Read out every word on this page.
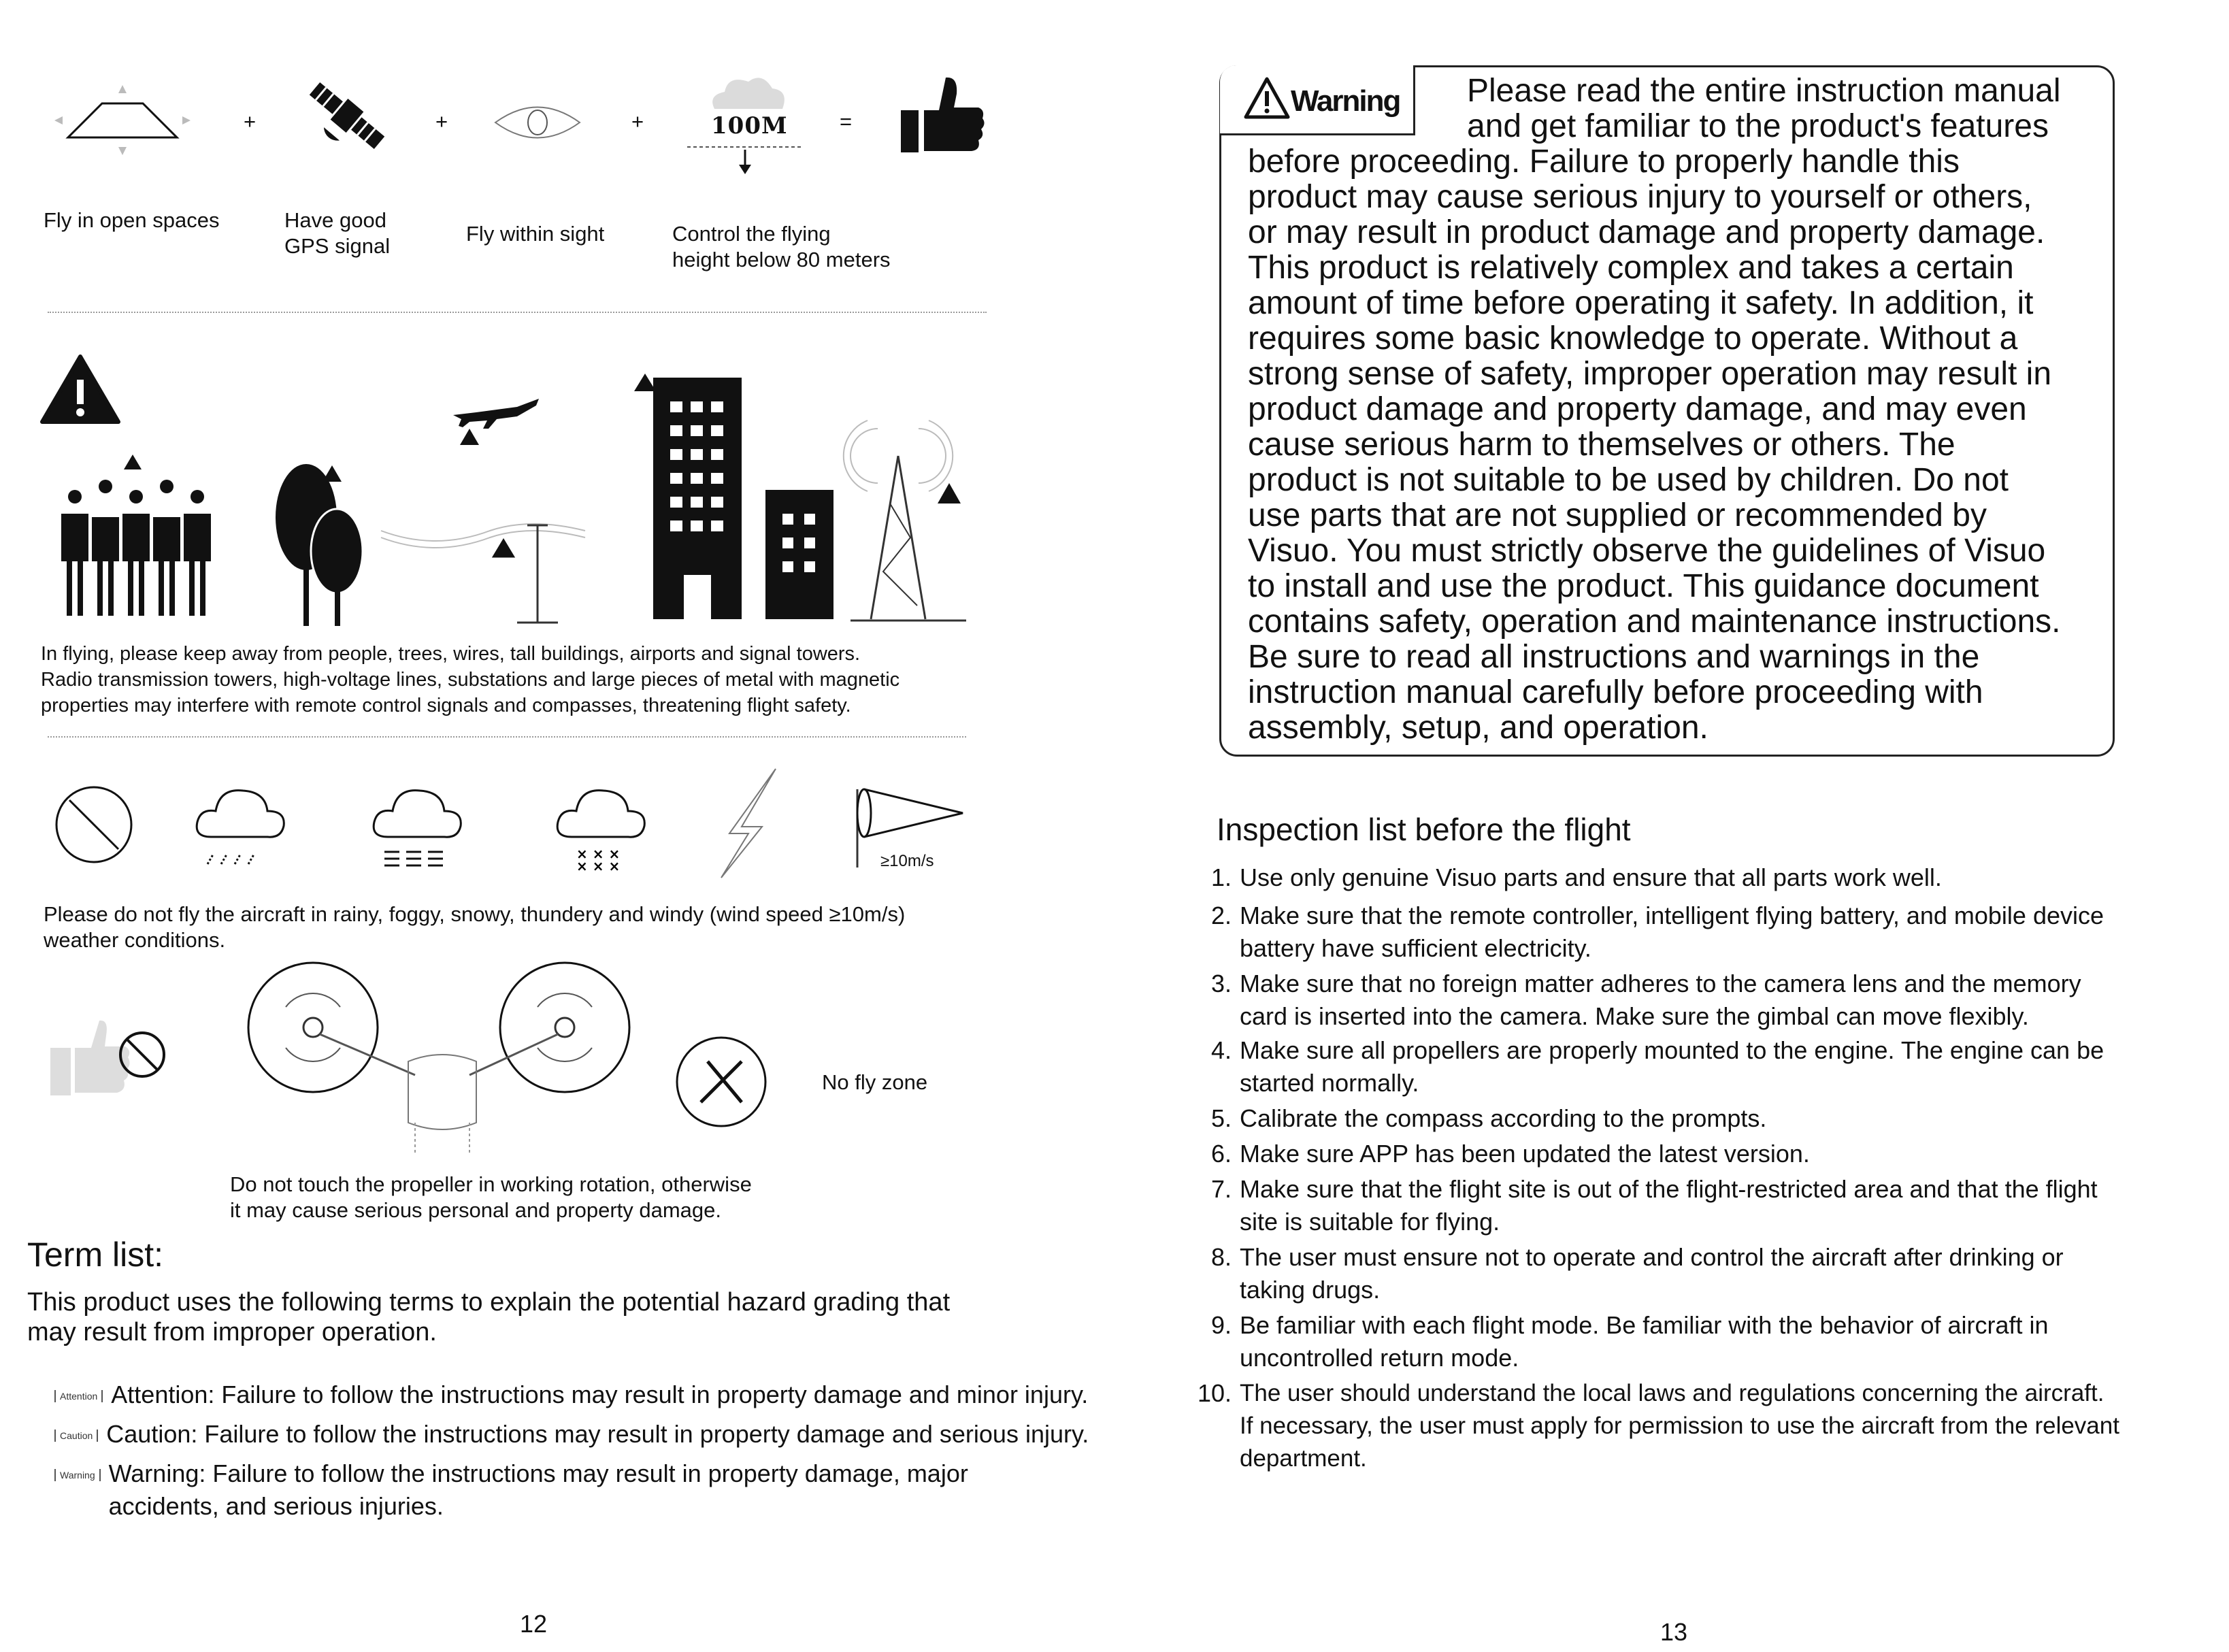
+	+	+	100M =
Fly in open spaces	Have good
GPS signal
Fly within sight	Control the flying
height below 80 meters
In flying, please keep away from people, trees, wires, tall buildings, airports and signal towers.
Radio transmission towers, high-voltage lines, substations and large pieces of metal with magnetic
properties may interfere with remote control signals and compasses, threatening flight safety.
× × ×
× × ×	≥10m/s
Please do not fly the aircraft in rainy, foggy, snowy, thundery and windy (wind speed ≥10m/s)
weather conditions.
No fly zone
Do not touch the propeller in working rotation, otherwise
it may cause serious personal and property damage.
Term list:
This product uses the following terms to explain the potential hazard grading that
may result from improper operation.

Attention Attention: Failure to follow the instructions may result in property damage and minor injury.

Caution Caution: Failure to follow the instructions may result in property damage and serious injury.

Warning Warning: Failure to follow the instructions may result in property damage, major
accidents, and serious injuries.

12
Warning Please read the entire instruction manual
and get familiar to the product's features
before proceeding. Failure to properly handle this
product may cause serious injury to yourself or others,
or may result in product damage and property damage.
This product is relatively complex and takes a certain
amount of time before operating it safety. In addition, it
requires some basic knowledge to operate. Without a
strong sense of safety, improper operation may result in
product damage and property damage, and may even
cause serious harm to themselves or others. The
product is not suitable to be used by children. Do not
use parts that are not supplied or recommended by
Visuo. You must strictly observe the guidelines of Visuo
to install and use the product. This guidance document
contains safety, operation and maintenance instructions.
Be sure to read all instructions and warnings in the
instruction manual carefully before proceeding with
assembly, setup, and operation.
Inspection list before the flight
1. Use only genuine Visuo parts and ensure that all parts work well.
2. Make sure that the remote controller, intelligent flying battery, and mobile device
battery have sufficient electricity.
3. Make sure that no foreign matter adheres to the camera lens and the memory
card is inserted into the camera. Make sure the gimbal can move flexibly.
4. Make sure all propellers are properly mounted to the engine. The engine can be
started normally.
5. Calibrate the compass according to the prompts.
6. Make sure APP has been updated the latest version.
7. Make sure that the flight site is out of the flight-restricted area and that the flight
site is suitable for flying.
8. The user must ensure not to operate and control the aircraft after drinking or
taking drugs.
9. Be familiar with each flight mode. Be familiar with the behavior of aircraft in
uncontrolled return mode.
10. The user should understand the local laws and regulations concerning the aircraft.
If necessary, the user must apply for permission to use the aircraft from the relevant
department.
13
